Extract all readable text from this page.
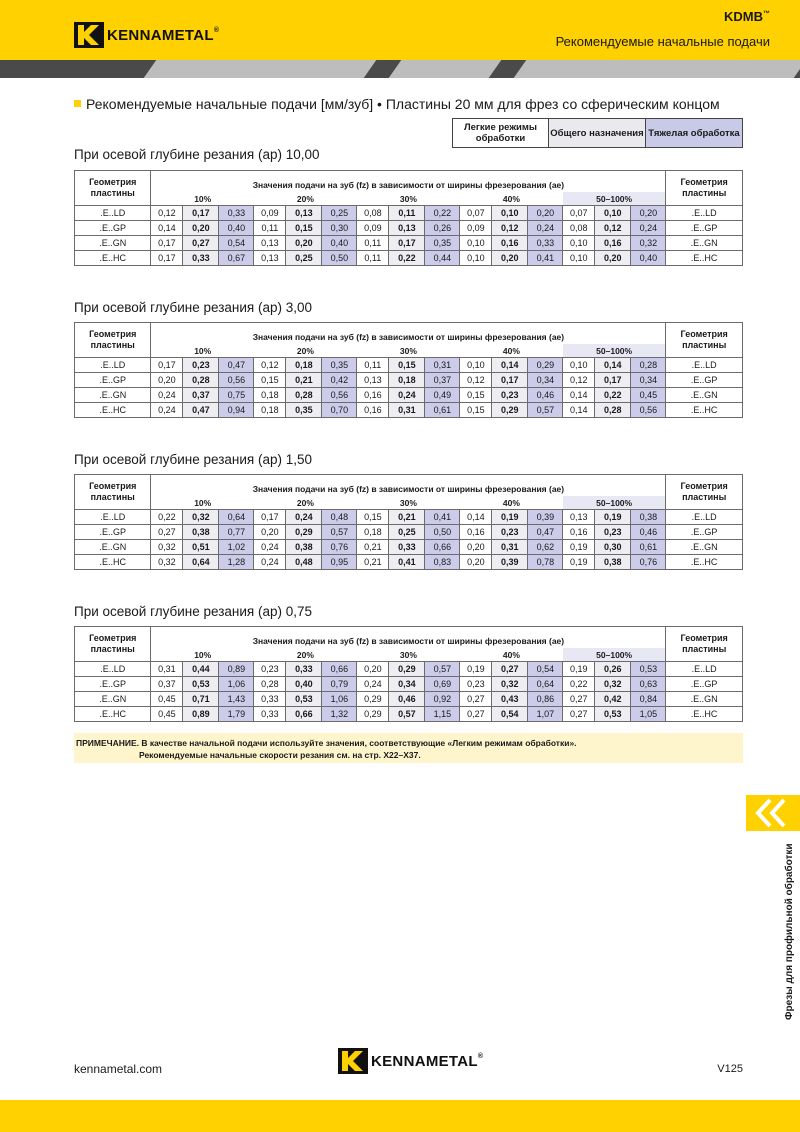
KENNAMETAL®
KDMB™
Рекомендуемые начальные подачи
Рекомендуемые начальные подачи [мм/зуб] • Пластины 20 мм для фрез со сферическим концом
Легкие режимы обработки	Общего назначения Тяжелая обработка
При осевой глубине резания (ap) 10,00
Геометрия пластины	Значения подачи на зуб (fz) в зависимости от ширины фрезерования (ae)															Геометрия пластины
	10%			20%			30%			40%			50–100%			
.E..LD	0,12	0,17	0,33	0,09	0,13	0,25	0,08	0,11	0,22	0,07	0,10	0,20	0,07	0,10	0,20	.E..LD
.E..GP	0,14	0,20	0,40	0,11	0,15	0,30	0,09	0,13	0,26	0,09	0,12	0,24	0,08	0,12	0,24	.E..GP
.E..GN	0,17	0,27	0,54	0,13	0,20	0,40	0,11	0,17	0,35	0,10	0,16	0,33	0,10	0,16	0,32	.E..GN
.E..HC	0,17	0,33	0,67	0,13	0,25	0,50	0,11	0,22	0,44	0,10	0,20	0,41	0,10	0,20	0,40	.E..HC
При осевой глубине резания (ap) 3,00
Геометрия пластины	Значения подачи на зуб (fz) в зависимости от ширины фрезерования (ae)															Геометрия пластины
	10%			20%			30%			40%			50–100%			
.E..LD	0,17	0,23	0,47	0,12	0,18	0,35	0,11	0,15	0,31	0,10	0,14	0,29	0,10	0,14	0,28	.E..LD
.E..GP	0,20	0,28	0,56	0,15	0,21	0,42	0,13	0,18	0,37	0,12	0,17	0,34	0,12	0,17	0,34	.E..GP
.E..GN	0,24	0,37	0,75	0,18	0,28	0,56	0,16	0,24	0,49	0,15	0,23	0,46	0,14	0,22	0,45	.E..GN
.E..HC	0,24	0,47	0,94	0,18	0,35	0,70	0,16	0,31	0,61	0,15	0,29	0,57	0,14	0,28	0,56	.E..HC
При осевой глубине резания (ap) 1,50
Геометрия пластины	Значения подачи на зуб (fz) в зависимости от ширины фрезерования (ae)															Геометрия пластины
	10%			20%			30%			40%			50–100%			
.E..LD	0,22	0,32	0,64	0,17	0,24	0,48	0,15	0,21	0,41	0,14	0,19	0,39	0,13	0,19	0,38	.E..LD
.E..GP	0,27	0,38	0,77	0,20	0,29	0,57	0,18	0,25	0,50	0,16	0,23	0,47	0,16	0,23	0,46	.E..GP
.E..GN	0,32	0,51	1,02	0,24	0,38	0,76	0,21	0,33	0,66	0,20	0,31	0,62	0,19	0,30	0,61	.E..GN
.E..HC	0,32	0,64	1,28	0,24	0,48	0,95	0,21	0,41	0,83	0,20	0,39	0,78	0,19	0,38	0,76	.E..HC
При осевой глубине резания (ap) 0,75
Геометрия пластины	Значения подачи на зуб (fz) в зависимости от ширины фрезерования (ae)															Геометрия пластины
	10%			20%			30%			40%			50–100%			
.E..LD	0,31	0,44	0,89	0,23	0,33	0,66	0,20	0,29	0,57	0,19	0,27	0,54	0,19	0,26	0,53	.E..LD
.E..GP	0,37	0,53	1,06	0,28	0,40	0,79	0,24	0,34	0,69	0,23	0,32	0,64	0,22	0,32	0,63	.E..GP
.E..GN	0,45	0,71	1,43	0,33	0,53	1,06	0,29	0,46	0,92	0,27	0,43	0,86	0,27	0,42	0,84	.E..GN
.E..HC	0,45	0,89	1,79	0,33	0,66	1,32	0,29	0,57	1,15	0,27	0,54	1,07	0,27	0,53	1,05	.E..HC
ПРИМЕЧАНИЕ. В качестве начальной подачи используйте значения, соответствующие «Легким режимам обработки».
Рекомендуемые начальные скорости резания см. на стр. X22–X37.
Фрезы для профильной обработки
kennametal.com	KENNAMETAL®
V125
